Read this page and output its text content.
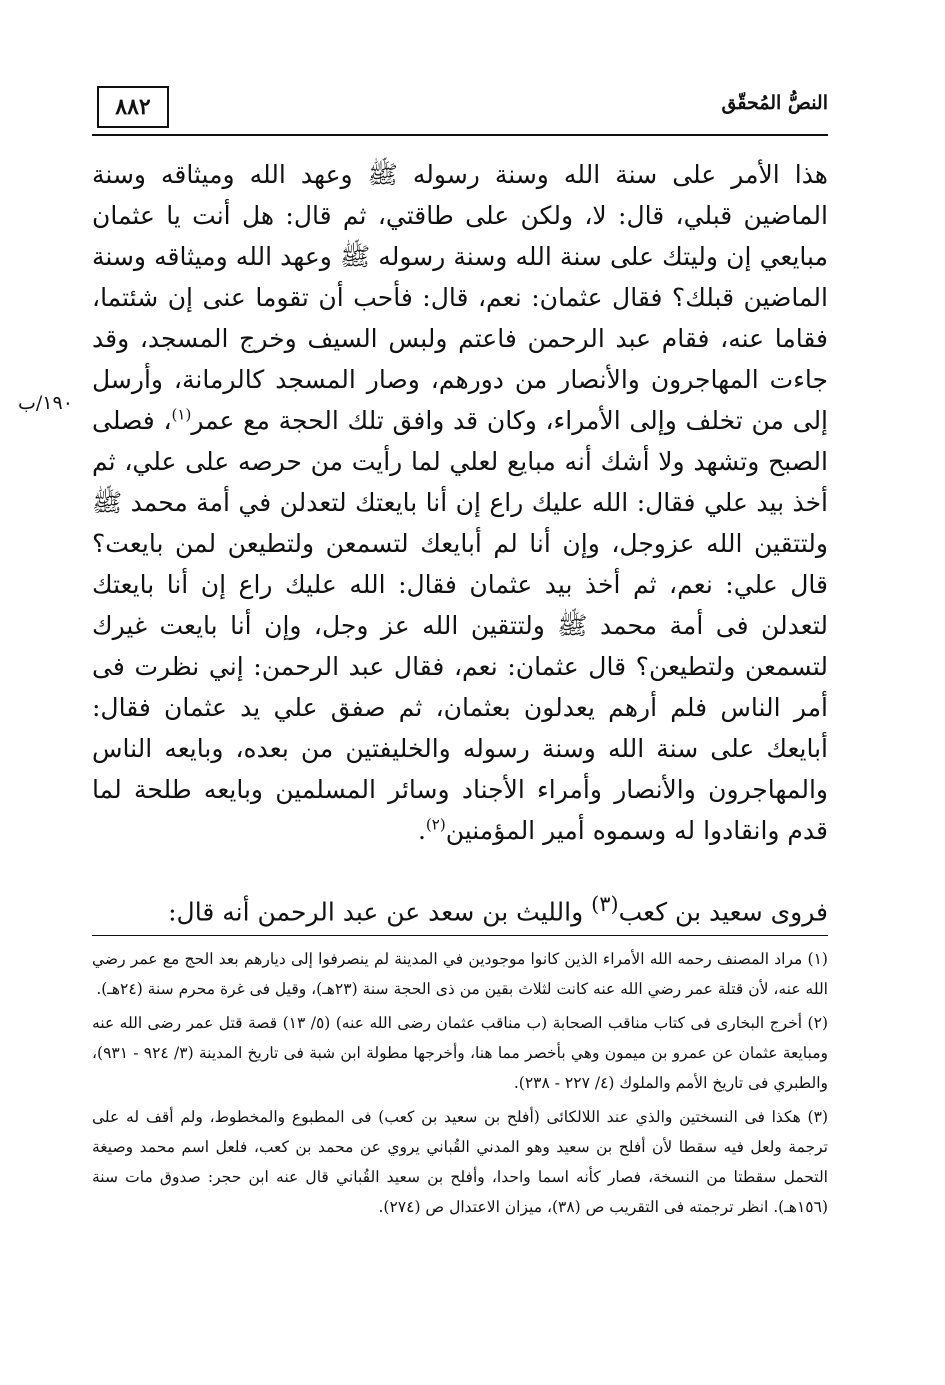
٨٨٢	النصُّ المُحقّق
١٩٠/ب

هذا الأمر على سنة الله وسنة رسوله ﷺ وعهد الله وميثاقه وسنة الماضين قبلي، قال: لا، ولكن على طاقتي، ثم قال: هل أنت يا عثمان مبايعي إن وليتك على سنة الله وسنة رسوله ﷺ وعهد الله وميثاقه وسنة الماضين قبلك؟ فقال عثمان: نعم، قال: فأحب أن تقوما عنى إن شئتما، فقاما عنه، فقام عبد الرحمن فاعتم ولبس السيف وخرج المسجد، وقد جاءت المهاجرون والأنصار من دورهم، وصار المسجد كالرمانة، وأرسل إلى من تخلف وإلى الأمراء، وكان قد وافق تلك الحجة مع عمر$^{(١)}$، فصلى الصبح وتشهد ولا أشك أنه مبايع لعلي لما رأيت من حرصه على علي، ثم أخذ بيد علي فقال: الله عليك راع إن أنا بايعتك لتعدلن في أمة محمد ﷺ ولتتقين الله عزوجل، وإن أنا لم أبايعك لتسمعن ولتطيعن لمن بايعت؟ قال علي: نعم، ثم أخذ بيد عثمان فقال: الله عليك راع إن أنا بايعتك لتعدلن فى أمة محمد ﷺ ولتتقين الله عز وجل، وإن أنا بايعت غيرك لتسمعن ولتطيعن؟ قال عثمان: نعم، فقال عبد الرحمن: إني نظرت فى أمر الناس فلم أرهم يعدلون بعثمان، ثم صفق علي يد عثمان فقال: أبايعك على سنة الله وسنة رسوله والخليفتين من بعده، وبايعه الناس والمهاجرون والأنصار وأمراء الأجناد وسائر المسلمين وبايعه طلحة لما قدم وانقادوا له وسموه أمير المؤمنين$^{(٢)}$.

فروى سعيد بن كعب$^{(٣)}$ والليث بن سعد عن عبد الرحمن أنه قال:

(١) مراد المصنف رحمه الله الأمراء الذين كانوا موجودين في المدينة لم ينصرفوا إلى ديارهم بعد الحج مع عمر رضي الله عنه، لأن قتلة عمر رضي الله عنه كانت لثلاث بقين من ذى الحجة سنة (٢٣هـ)، وقيل فى غرة محرم سنة (٢٤هـ).

(٢) أخرج البخارى فى كتاب مناقب الصحابة (ب مناقب عثمان رضى الله عنه) (٥/ ١٣) قصة قتل عمر رضى الله عنه ومبايعة عثمان عن عمرو بن ميمون وهي بأخصر مما هنا، وأخرجها مطولة ابن شبة فى تاريخ المدينة (٣/ ٩٢٤ - ٩٣١)، والطبري فى تاريخ الأمم والملوك (٤/ ٢٢٧ - ٢٣٨).

(٣) هكذا فى النسختين والذي عند اللالكائى (أفلح بن سعيد بن كعب) فى المطبوع والمخطوط، ولم أقف له على ترجمة ولعل فيه سقطا لأن أفلح بن سعيد وهو المدني القُباني يروي عن محمد بن كعب، فلعل اسم محمد وصيغة التحمل سقطتا من النسخة، فصار كأنه اسما واحدا، وأفلح بن سعيد القُباني قال عنه ابن حجر: صدوق مات سنة (١٥٦هـ). انظر ترجمته فى التقريب ص (٣٨)، ميزان الاعتدال ص (٢٧٤).
